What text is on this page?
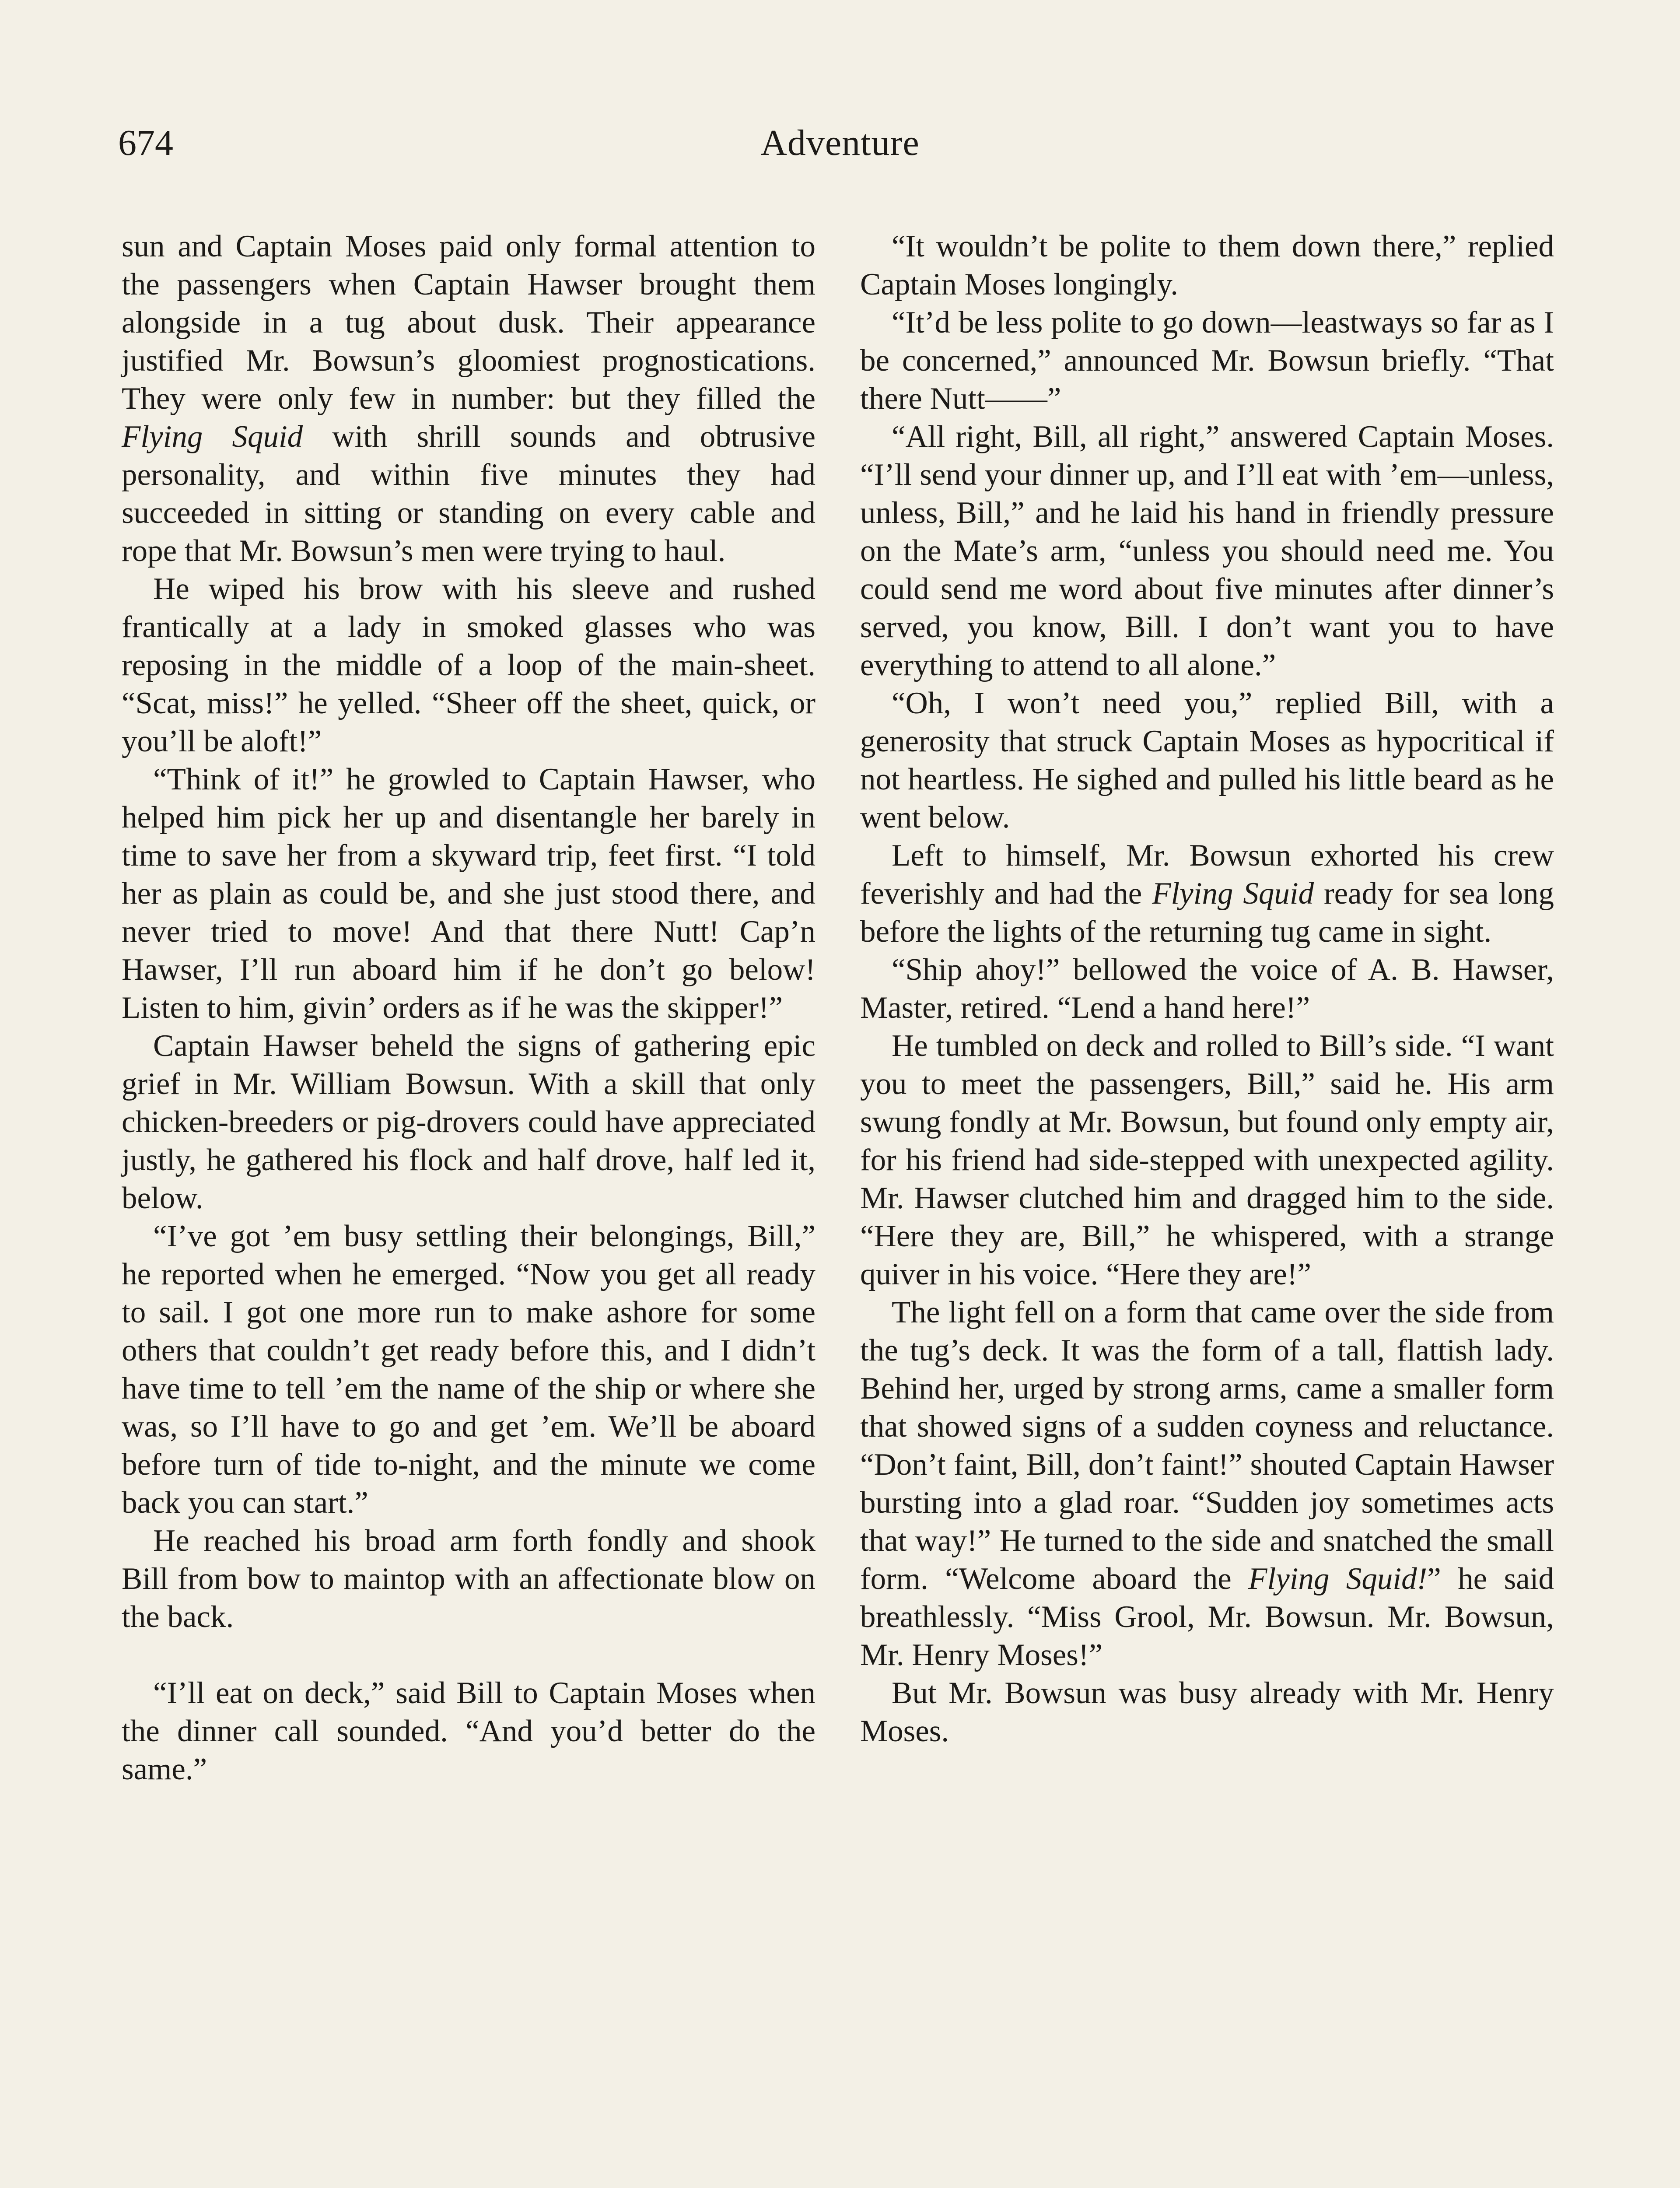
674	Adventure

sun and Captain Moses paid only formal attention to the passengers when Captain Hawser brought them alongside in a tug about dusk. Their appearance justified Mr. Bowsun’s gloomiest prognostications. They were only few in number: but they filled the Flying Squid with shrill sounds and obtrusive personality, and within five minutes they had succeeded in sitting or standing on every cable and rope that Mr. Bowsun’s men were trying to haul.

He wiped his brow with his sleeve and rushed frantically at a lady in smoked glasses who was reposing in the middle of a loop of the main-sheet. “Scat, miss!” he yelled. “Sheer off the sheet, quick, or you’ll be aloft!”

“Think of it!” he growled to Captain Hawser, who helped him pick her up and disentangle her barely in time to save her from a skyward trip, feet first. “I told her as plain as could be, and she just stood there, and never tried to move! And that there Nutt! Cap’n Hawser, I’ll run aboard him if he don’t go below! Listen to him, givin’ orders as if he was the skipper!”

Captain Hawser beheld the signs of gathering epic grief in Mr. William Bowsun. With a skill that only chicken-breeders or pig-drovers could have appreciated justly, he gathered his flock and half drove, half led it, below.

“I’ve got ’em busy settling their belongings, Bill,” he reported when he emerged. “Now you get all ready to sail. I got one more run to make ashore for some others that couldn’t get ready before this, and I didn’t have time to tell ’em the name of the ship or where she was, so I’ll have to go and get ’em. We’ll be aboard before turn of tide to-night, and the minute we come back you can start.”

He reached his broad arm forth fondly and shook Bill from bow to maintop with an affectionate blow on the back.

“I’ll eat on deck,” said Bill to Captain Moses when the dinner call sounded. “And you’d better do the same.”

“It wouldn’t be polite to them down there,” replied Captain Moses longingly.

“It’d be less polite to go down—leastways so far as I be concerned,” announced Mr. Bowsun briefly. “That there Nutt——”

“All right, Bill, all right,” answered Captain Moses. “I’ll send your dinner up, and I’ll eat with ’em—unless, unless, Bill,” and he laid his hand in friendly pressure on the Mate’s arm, “unless you should need me. You could send me word about five minutes after dinner’s served, you know, Bill. I don’t want you to have everything to attend to all alone.”

“Oh, I won’t need you,” replied Bill, with a generosity that struck Captain Moses as hypocritical if not heartless. He sighed and pulled his little beard as he went below.

Left to himself, Mr. Bowsun exhorted his crew feverishly and had the Flying Squid ready for sea long before the lights of the returning tug came in sight.

“Ship ahoy!” bellowed the voice of A. B. Hawser, Master, retired. “Lend a hand here!”

He tumbled on deck and rolled to Bill’s side. “I want you to meet the passengers, Bill,” said he. His arm swung fondly at Mr. Bowsun, but found only empty air, for his friend had side-stepped with unexpected agility. Mr. Hawser clutched him and dragged him to the side. “Here they are, Bill,” he whispered, with a strange quiver in his voice. “Here they are!”

The light fell on a form that came over the side from the tug’s deck. It was the form of a tall, flattish lady. Behind her, urged by strong arms, came a smaller form that showed signs of a sudden coyness and reluctance. “Don’t faint, Bill, don’t faint!” shouted Captain Hawser bursting into a glad roar. “Sudden joy sometimes acts that way!” He turned to the side and snatched the small form. “Welcome aboard the Flying Squid!” he said breathlessly. “Miss Grool, Mr. Bowsun. Mr. Bowsun, Mr. Henry Moses!”

But Mr. Bowsun was busy already with Mr. Henry Moses.
